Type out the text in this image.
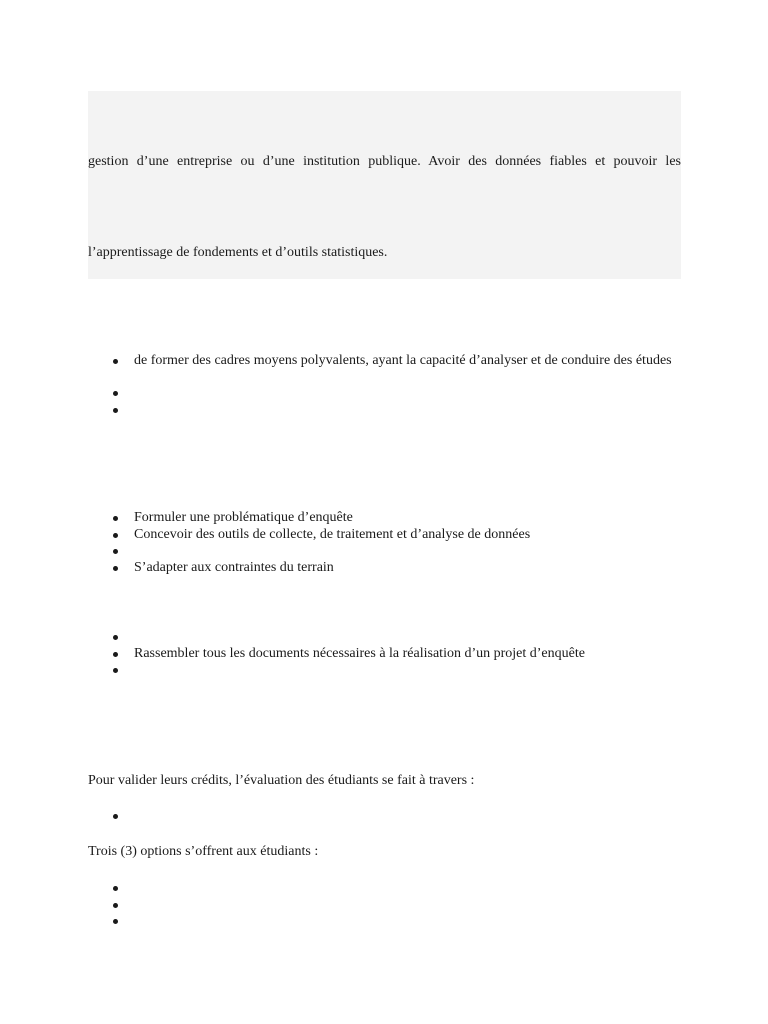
gestion d’une entreprise ou d’une institution publique. Avoir des données fiables et pouvoir les
l’apprentissage de fondements et d’outils statistiques.
de former des cadres moyens polyvalents, ayant la capacité d’analyser et de conduire des études
Formuler une problématique d’enquête
Concevoir des outils de collecte, de traitement et d’analyse de données
S’adapter aux contraintes du terrain
Rassembler tous les documents nécessaires à la réalisation d’un projet d’enquête
Pour valider leurs crédits, l’évaluation des étudiants se fait à travers :
Trois (3) options s’offrent aux étudiants :
